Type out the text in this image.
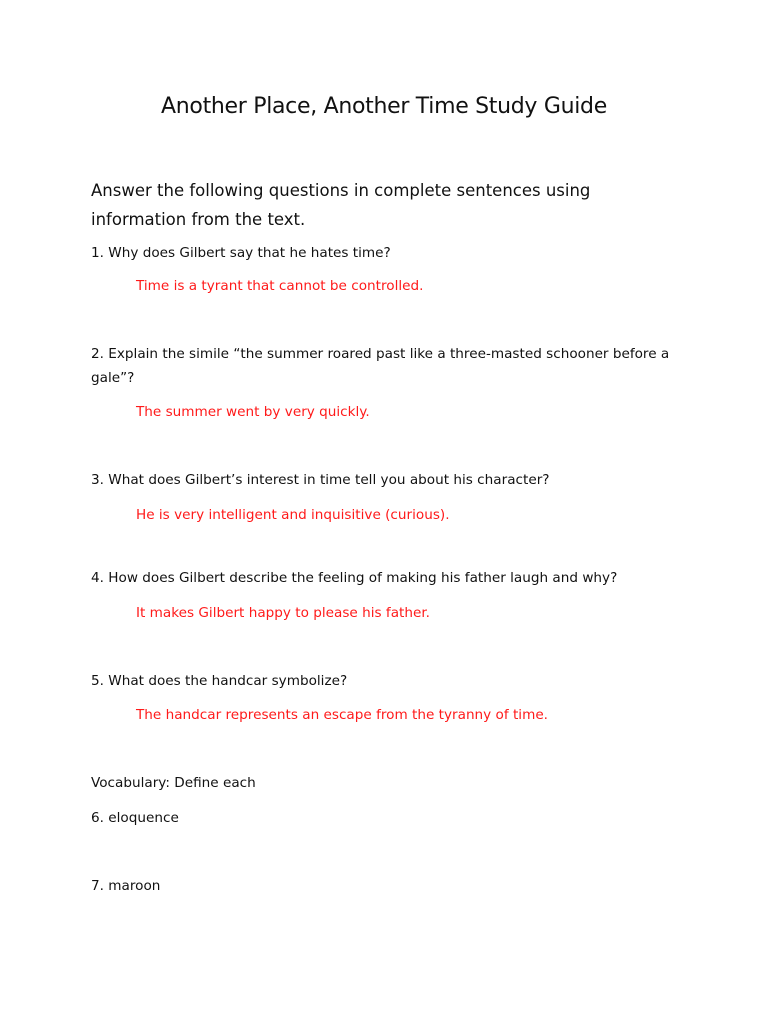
Another Place, Another Time Study Guide
Answer the following questions in complete sentences using information from the text.
1. Why does Gilbert say that he hates time?
Time is a tyrant that cannot be controlled.
2. Explain the simile “the summer roared past like a three-masted schooner before a gale”?
The summer went by very quickly.
3. What does Gilbert’s interest in time tell you about his character?
He is very intelligent and inquisitive (curious).
4. How does Gilbert describe the feeling of making his father laugh and why?
It makes Gilbert happy to please his father.
5. What does the handcar symbolize?
The handcar represents an escape from the tyranny of time.
Vocabulary: Define each
6. eloquence
7. maroon
